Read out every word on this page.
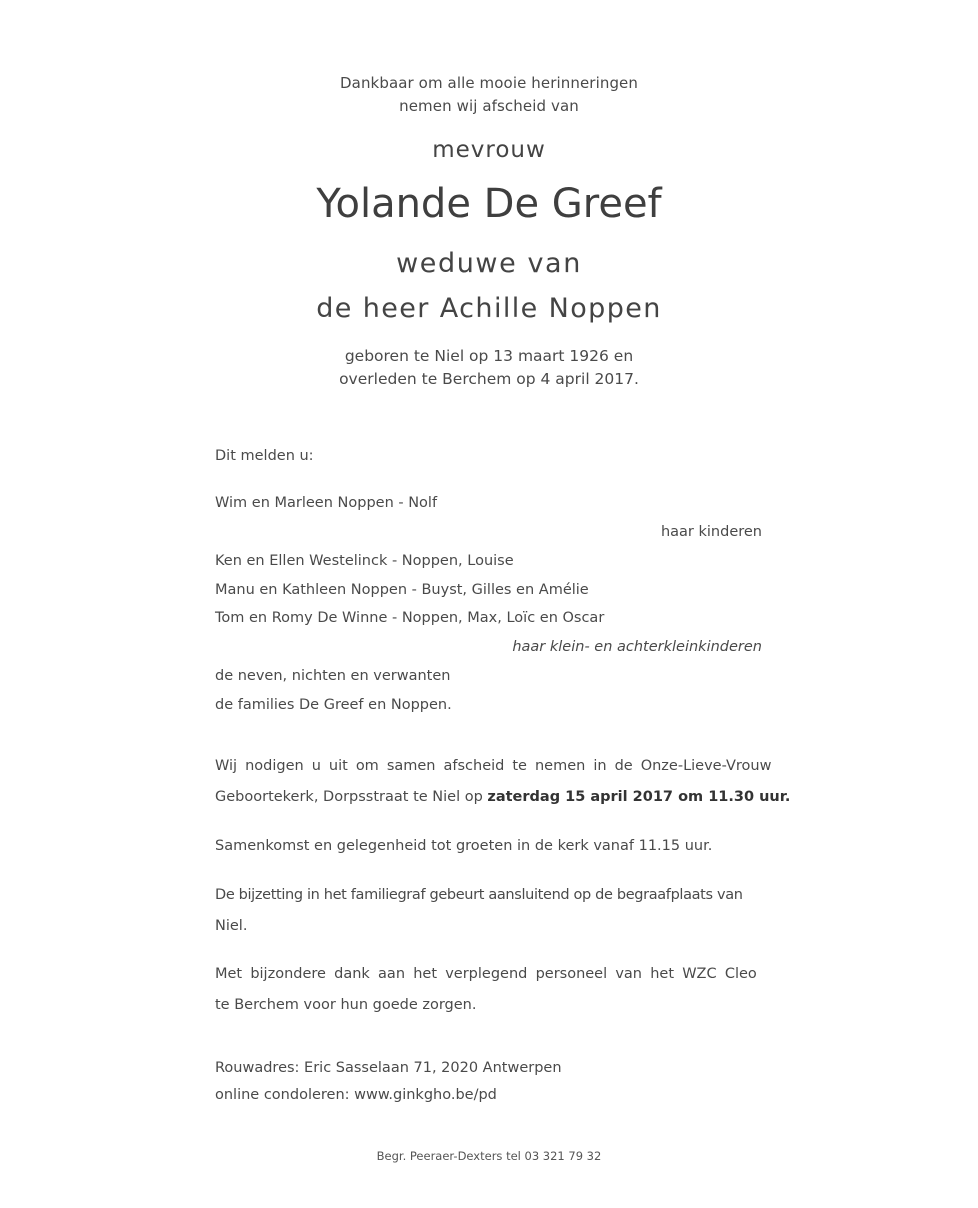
Dankbaar om alle mooie herinneringen
nemen wij afscheid van
mevrouw
Yolande De Greef
weduwe van
de heer Achille Noppen
geboren te Niel op 13 maart 1926 en
overleden te Berchem op 4 april 2017.
Dit melden u:
Wim en Marleen Noppen - Nolf
haar kinderen
Ken en Ellen Westelinck - Noppen, Louise
Manu en Kathleen Noppen - Buyst, Gilles en Amélie
Tom en Romy De Winne - Noppen, Max, Loïc en Oscar
haar klein- en achterkleinkinderen
de neven, nichten en verwanten
de families De Greef en Noppen.
Wij nodigen u uit om samen afscheid te nemen in de Onze-Lieve-Vrouw
Geboortekerk, Dorpsstraat te Niel op zaterdag 15 april 2017 om 11.30 uur.
Samenkomst en gelegenheid tot groeten in de kerk vanaf 11.15 uur.
De bijzetting in het familiegraf gebeurt aansluitend op de begraafplaats van
Niel.
Met bijzondere dank aan het verplegend personeel van het WZC Cleo
te Berchem voor hun goede zorgen.
Rouwadres: Eric Sasselaan 71, 2020 Antwerpen
online condoleren: www.ginkgho.be/pd
Begr. Peeraer-Dexters tel 03 321 79 32
